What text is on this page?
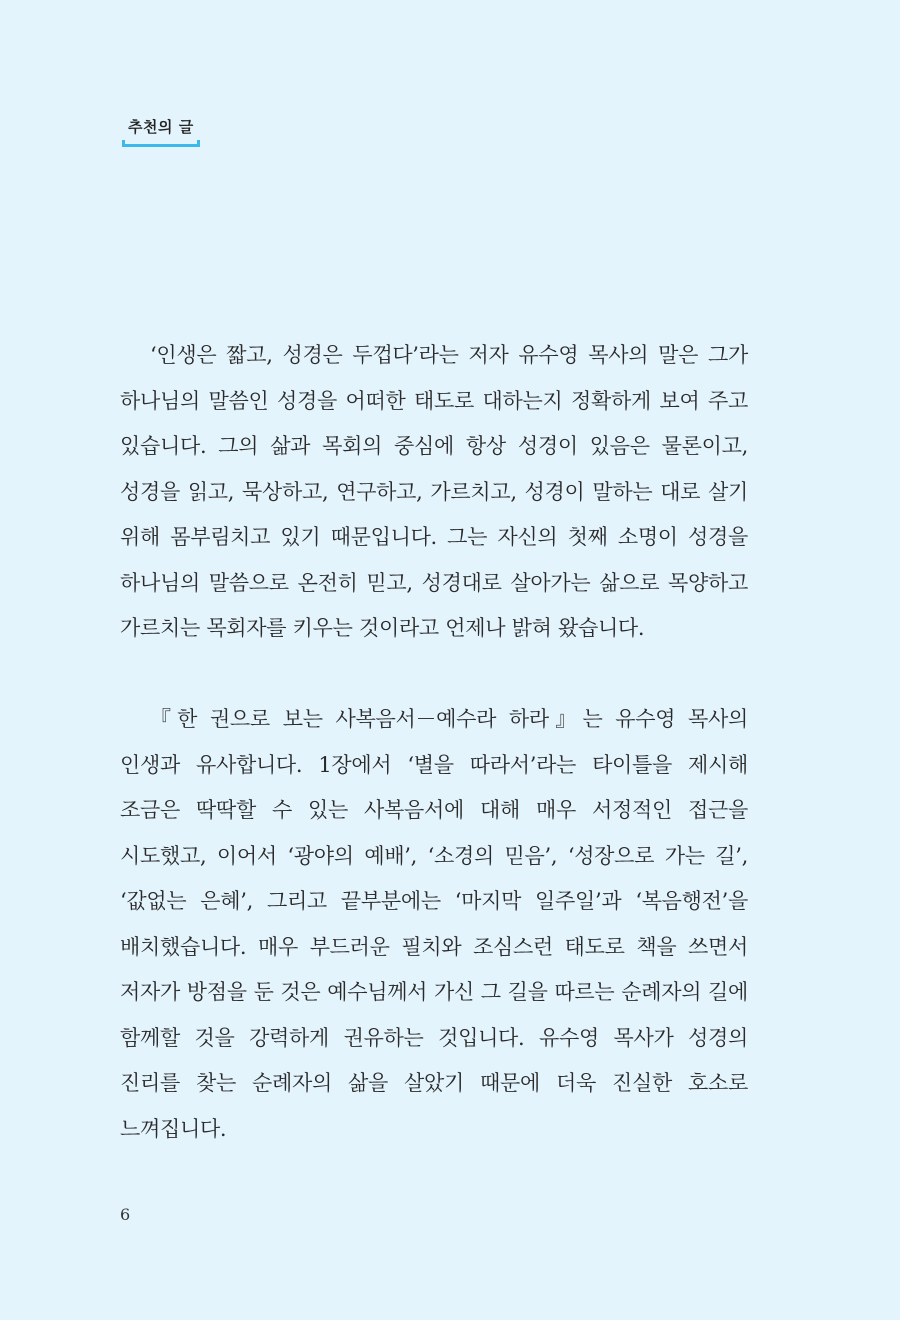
추천의 글

‘인생은 짧고, 성경은 두껍다’라는 저자 유수영 목사의 말은 그가 하나님의 말씀인 성경을 어떠한 태도로 대하는지 정확하게 보여 주고 있습니다. 그의 삶과 목회의 중심에 항상 성경이 있음은 물론이고, 성경을 읽고, 묵상하고, 연구하고, 가르치고, 성경이 말하는 대로 살기 위해 몸부림치고 있기 때문입니다. 그는 자신의 첫째 소명이 성경을 하나님의 말씀으로 온전히 믿고, 성경대로 살아가는 삶으로 목양하고 가르치는 목회자를 키우는 것이라고 언제나 밝혀 왔습니다.

『한 권으로 보는 사복음서－예수라 하라』는 유수영 목사의 인생과 유사합니다. 1장에서 ‘별을 따라서’라는 타이틀을 제시해 조금은 딱딱할 수 있는 사복음서에 대해 매우 서정적인 접근을 시도했고, 이어서 ‘광야의 예배’, ‘소경의 믿음’, ‘성장으로 가는 길’, ‘값없는 은혜’, 그리고 끝부분에는 ‘마지막 일주일’과 ‘복음행전’을 배치했습니다. 매우 부드러운 필치와 조심스런 태도로 책을 쓰면서 저자가 방점을 둔 것은 예수님께서 가신 그 길을 따르는 순례자의 길에 함께할 것을 강력하게 권유하는 것입니다. 유수영 목사가 성경의 진리를 찾는 순례자의 삶을 살았기 때문에 더욱 진실한 호소로 느껴집니다.

6
